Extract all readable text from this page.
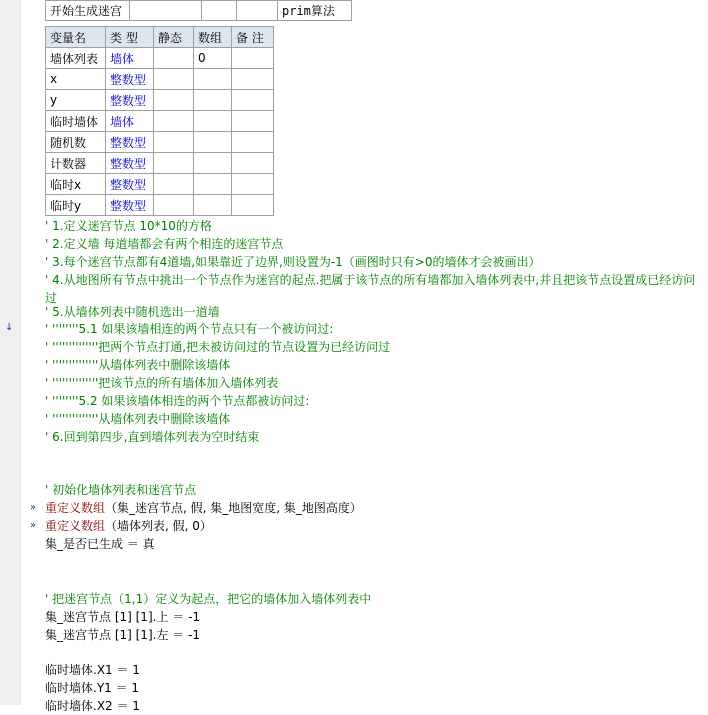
开始生成迷宫				prim算法
变量名	类 型	静态	数组	备 注
墙体列表	墙体		0	
x	整数型			
y	整数型			
临时墙体	墙体			
随机数	整数型			
计数器	整数型			
临时x	整数型			
临时y	整数型			
' 1.定义迷宫节点 10*10的方格
' 2.定义墙 每道墙都会有两个相连的迷宫节点
' 3.每个迷宫节点都有4道墙,如果靠近了边界,则设置为-1（画图时只有>0的墙体才会被画出）
' 4.从地图所有节点中挑出一个节点作为迷宫的起点.把属于该节点的所有墙都加入墙体列表中,并且把该节点设置成已经访问过
' 5.从墙体列表中随机选出一道墙
↓	' ''''''''5.1 如果该墙相连的两个节点只有一个被访问过:
' ''''''''''''''把两个节点打通,把未被访问过的节点设置为已经访问过
' ''''''''''''''从墙体列表中删除该墙体
' ''''''''''''''把该节点的所有墙体加入墙体列表
' ''''''''5.2 如果该墙体相连的两个节点都被访问过:
' ''''''''''''''从墙体列表中删除该墙体
' 6.回到第四步,直到墙体列表为空时结束
' 初始化墙体列表和迷宫节点
» 重定义数组（集_迷宫节点, 假, 集_地图宽度, 集_地图高度）
» 重定义数组（墙体列表, 假, 0）
集_是否已生成 ＝ 真
' 把迷宫节点（1,1）定义为起点，把它的墙体加入墙体列表中
集_迷宫节点 [1] [1].上 ＝ -1
集_迷宫节点 [1] [1].左 ＝ -1
临时墙体.X1 ＝ 1
临时墙体.Y1 ＝ 1
临时墙体.X2 ＝ 1
